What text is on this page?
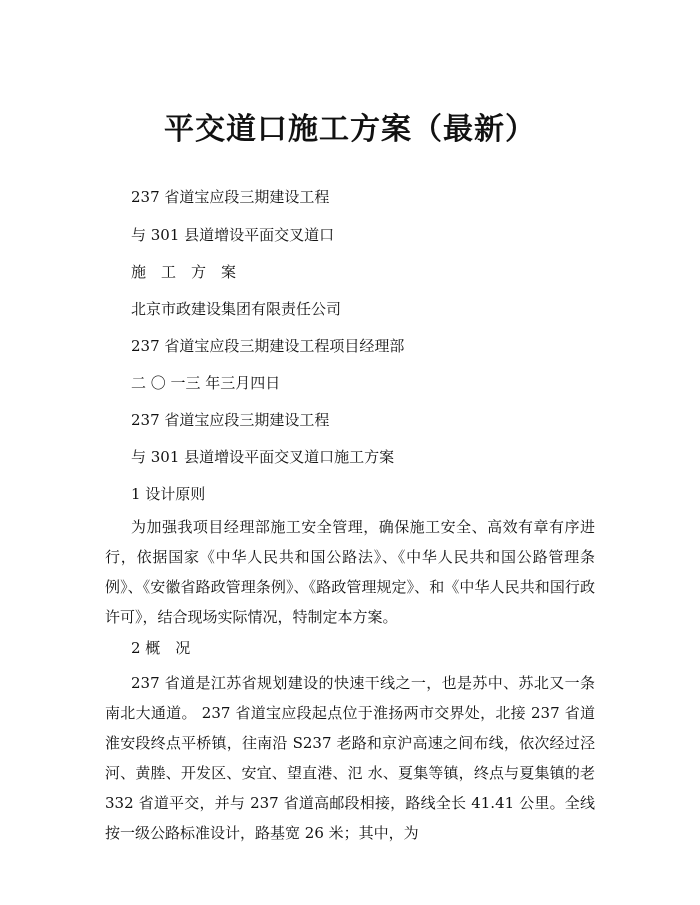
平交道口施工方案（最新）
237 省道宝应段三期建设工程
与 301 县道增设平面交叉道口
施　工　方　案
北京市政建设集团有限责任公司
237 省道宝应段三期建设工程项目经理部
二 〇 一三 年三月四日
237 省道宝应段三期建设工程
与 301 县道增设平面交叉道口施工方案
1 设计原则

为加强我项目经理部施工安全管理，确保施工安全、高效有章有序进行，依据国家《中华人民共和国公路法》、《中华人民共和国公路管理条例》、《安徽省路政管理条例》、《路政管理规定》、和《中华人民共和国行政许可》，结合现场实际情况，特制定本方案。

2 概　况

237 省道是江苏省规划建设的快速干线之一，也是苏中、苏北又一条南北大通道。 237 省道宝应段起点位于淮扬两市交界处，北接 237 省道淮安段终点平桥镇，往南沿 S237 老路和京沪高速之间布线，依次经过泾河、黄塍、开发区、安宜、望直港、氾 水、夏集等镇，终点与夏集镇的老 332 省道平交，并与 237 省道高邮段相接，路线全长 41.41 公里。全线按一级公路标准设计，路基宽 26 米；其中，为
